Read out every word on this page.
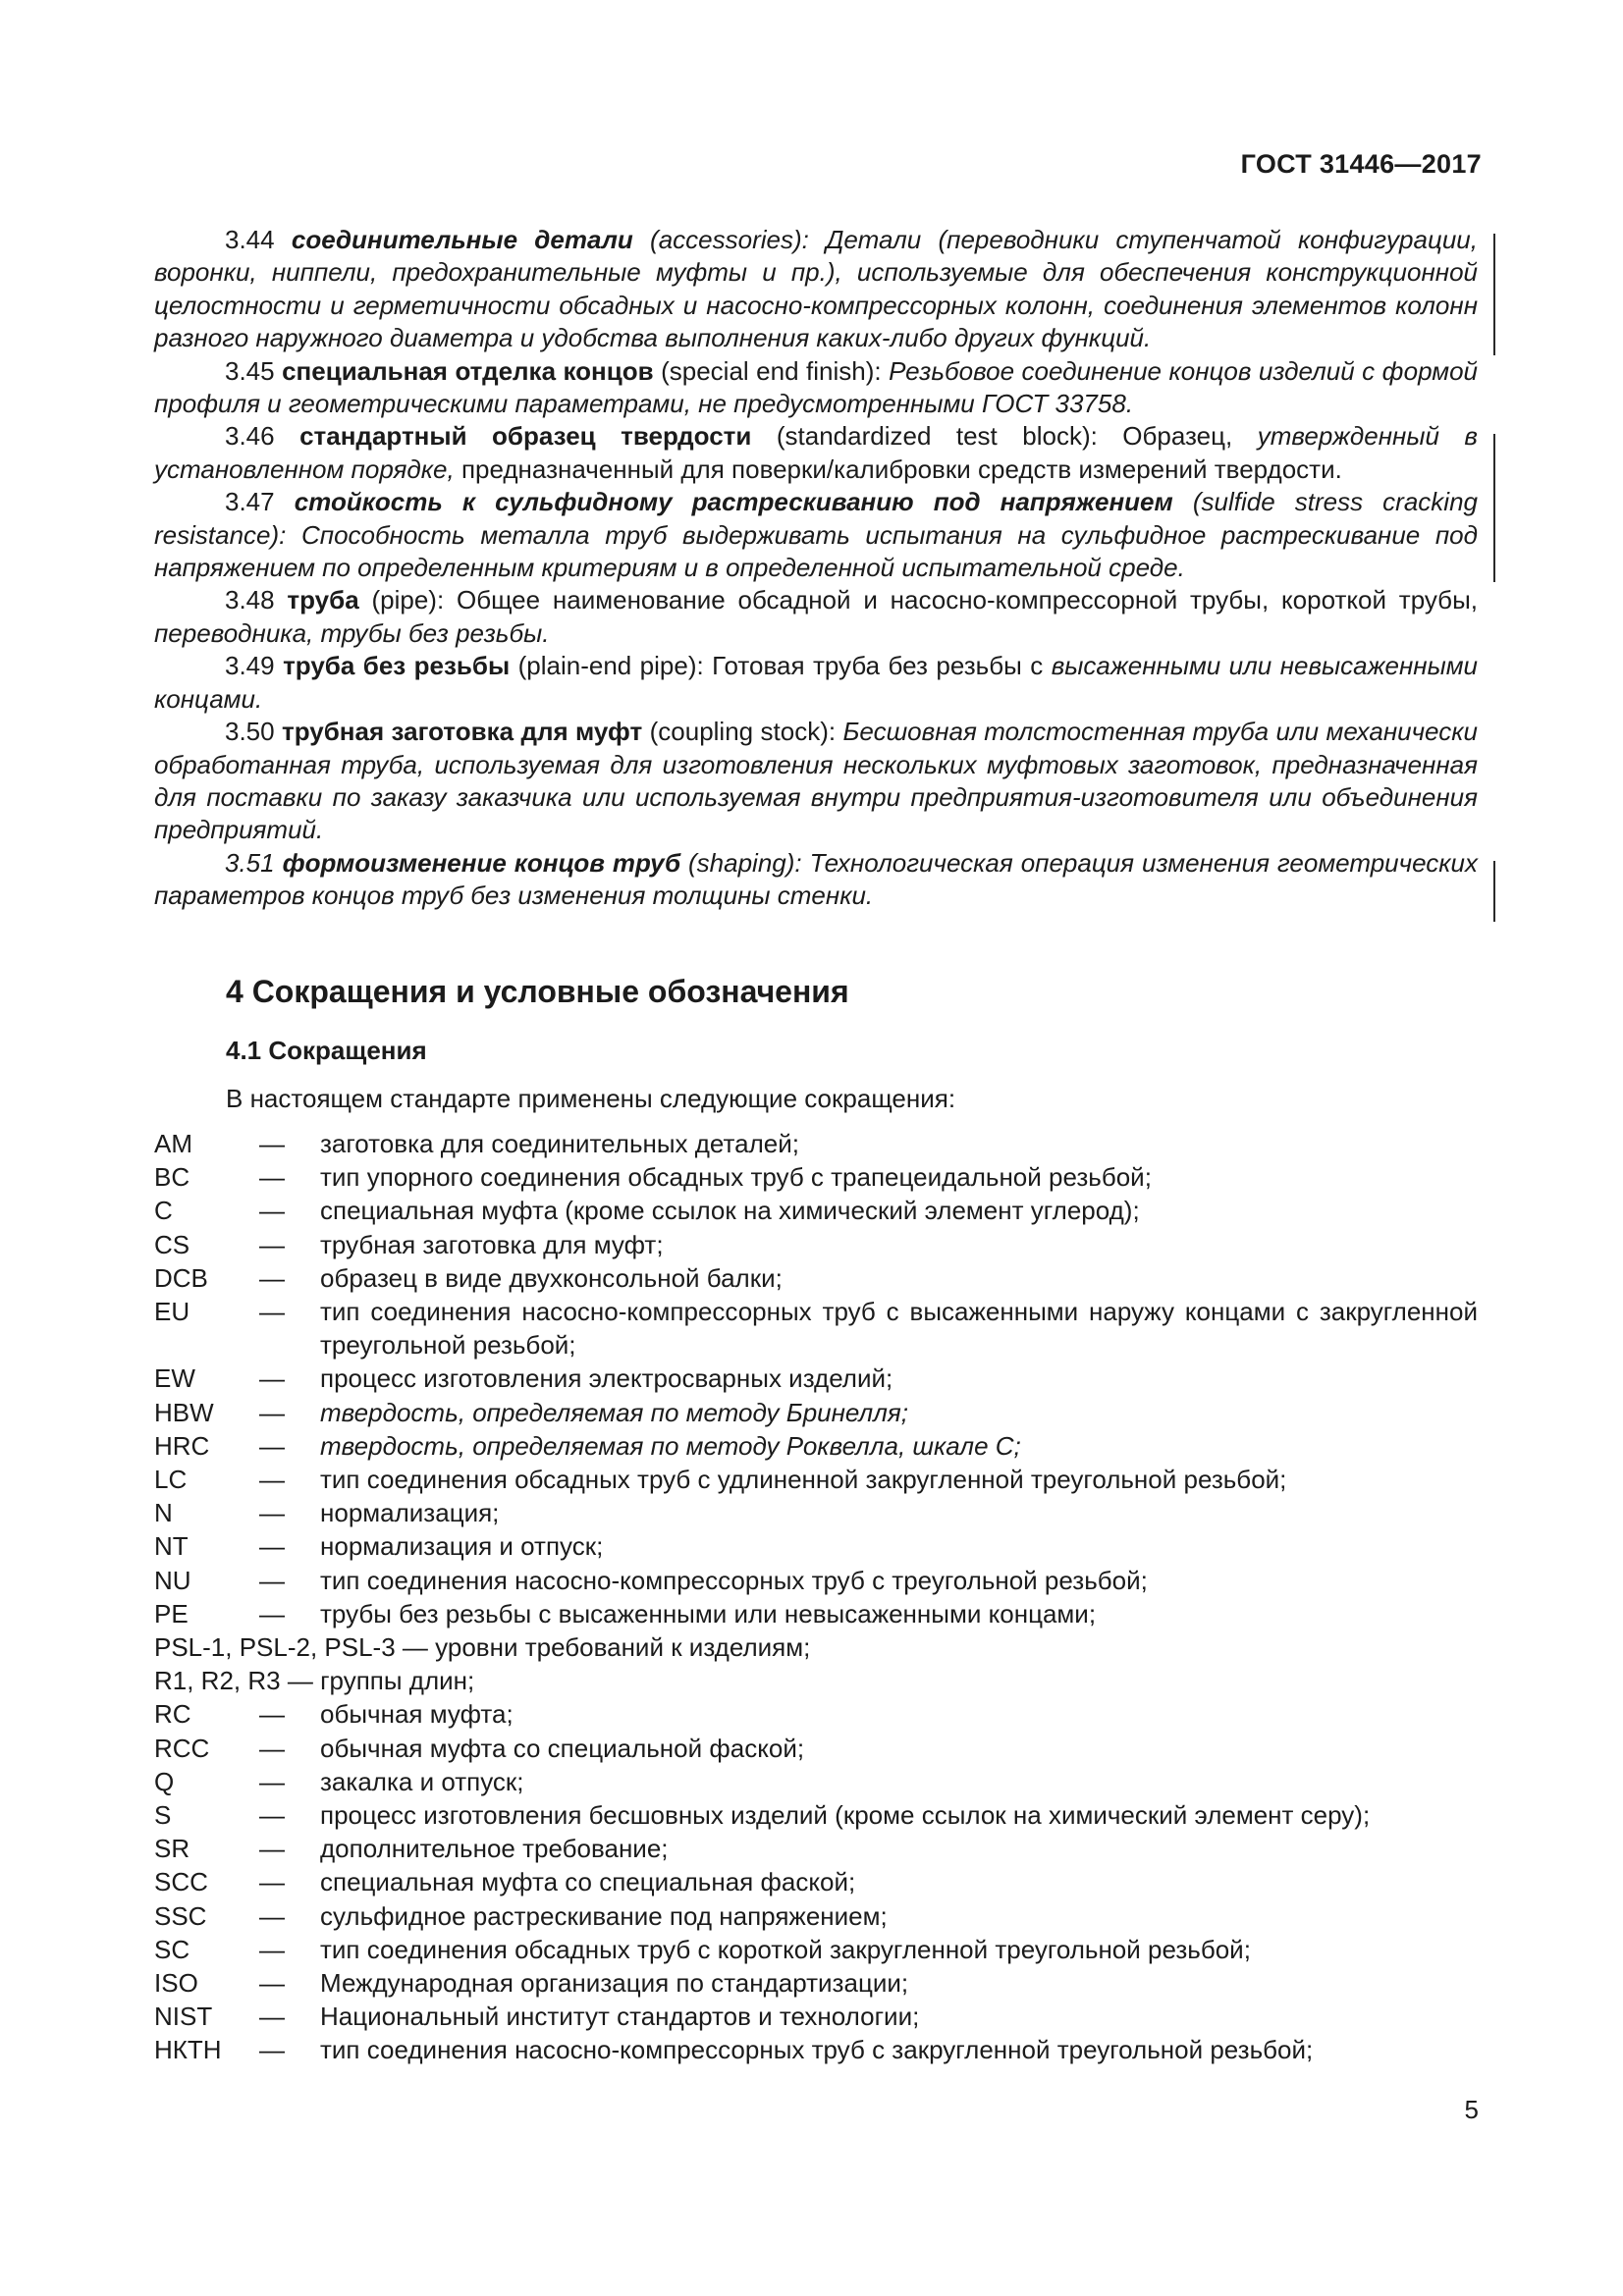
ГОСТ 31446—2017

3.44 соединительные детали (accessories): Детали (переводники ступенчатой конфигурации, воронки, ниппели, предохранительные муфты и пр.), используемые для обеспечения конструкционной целостности и герметичности обсадных и насосно-компрессорных колонн, соединения элементов колонн разного наружного диаметра и удобства выполнения каких-либо других функций.

3.45 специальная отделка концов (special end finish): Резьбовое соединение концов изделий с формой профиля и геометрическими параметрами, не предусмотренными ГОСТ 33758.

3.46 стандартный образец твердости (standardized test block): Образец, утвержденный в установленном порядке, предназначенный для поверки/калибровки средств измерений твердости.

3.47 стойкость к сульфидному растрескиванию под напряжением (sulfide stress cracking resistance): Способность металла труб выдерживать испытания на сульфидное растрескивание под напряжением по определенным критериям и в определенной испытательной среде.

3.48 труба (pipe): Общее наименование обсадной и насосно-компрессорной трубы, короткой трубы, переводника, трубы без резьбы.

3.49 труба без резьбы (plain-end pipe): Готовая труба без резьбы с высаженными или невысаженными концами.

3.50 трубная заготовка для муфт (coupling stock): Бесшовная толстостенная труба или механически обработанная труба, используемая для изготовления нескольких муфтовых заготовок, предназначенная для поставки по заказу заказчика или используемая внутри предприятия-изготовителя или объединения предприятий.

3.51 формоизменение концов труб (shaping): Технологическая операция изменения геометрических параметров концов труб без изменения толщины стенки.

4 Сокращения и условные обозначения
4.1 Сокращения

В настоящем стандарте применены следующие сокращения:

AM	—	заготовка для соединительных деталей;
BC	—	тип упорного соединения обсадных труб с трапецеидальной резьбой;
C	—	специальная муфта (кроме ссылок на химический элемент углерод);
CS	—	трубная заготовка для муфт;
DCB	—	образец в виде двухконсольной балки;
EU	—	тип соединения насосно-компрессорных труб с высаженными наружу концами с закругленной треугольной резьбой;
EW	—	процесс изготовления электросварных изделий;
HBW	—	твердость, определяемая по методу Бринелля;
HRC	—	твердость, определяемая по методу Роквелла, шкале С;
LC	—	тип соединения обсадных труб с удлиненной закругленной треугольной резьбой;
N	—	нормализация;
NT	—	нормализация и отпуск;
NU	—	тип соединения насосно-компрессорных труб с треугольной резьбой;
PE	—	трубы без резьбы с высаженными или невысаженными концами;
PSL-1, PSL-2, PSL-3 — уровни требований к изделиям;
R1, R2, R3 — группы длин;
RC	—	обычная муфта;
RCC	—	обычная муфта со специальной фаской;
Q	—	закалка и отпуск;
S	—	процесс изготовления бесшовных изделий (кроме ссылок на химический элемент серу);
SR	—	дополнительное требование;
SCC	—	специальная муфта со специальная фаской;
SSC	—	сульфидное растрескивание под напряжением;
SC	—	тип соединения обсадных труб с короткой закругленной треугольной резьбой;
ISO	—	Международная организация по стандартизации;
NIST	—	Национальный институт стандартов и технологии;
НКТН	—	тип соединения насосно-компрессорных труб с закругленной треугольной резьбой;
5
